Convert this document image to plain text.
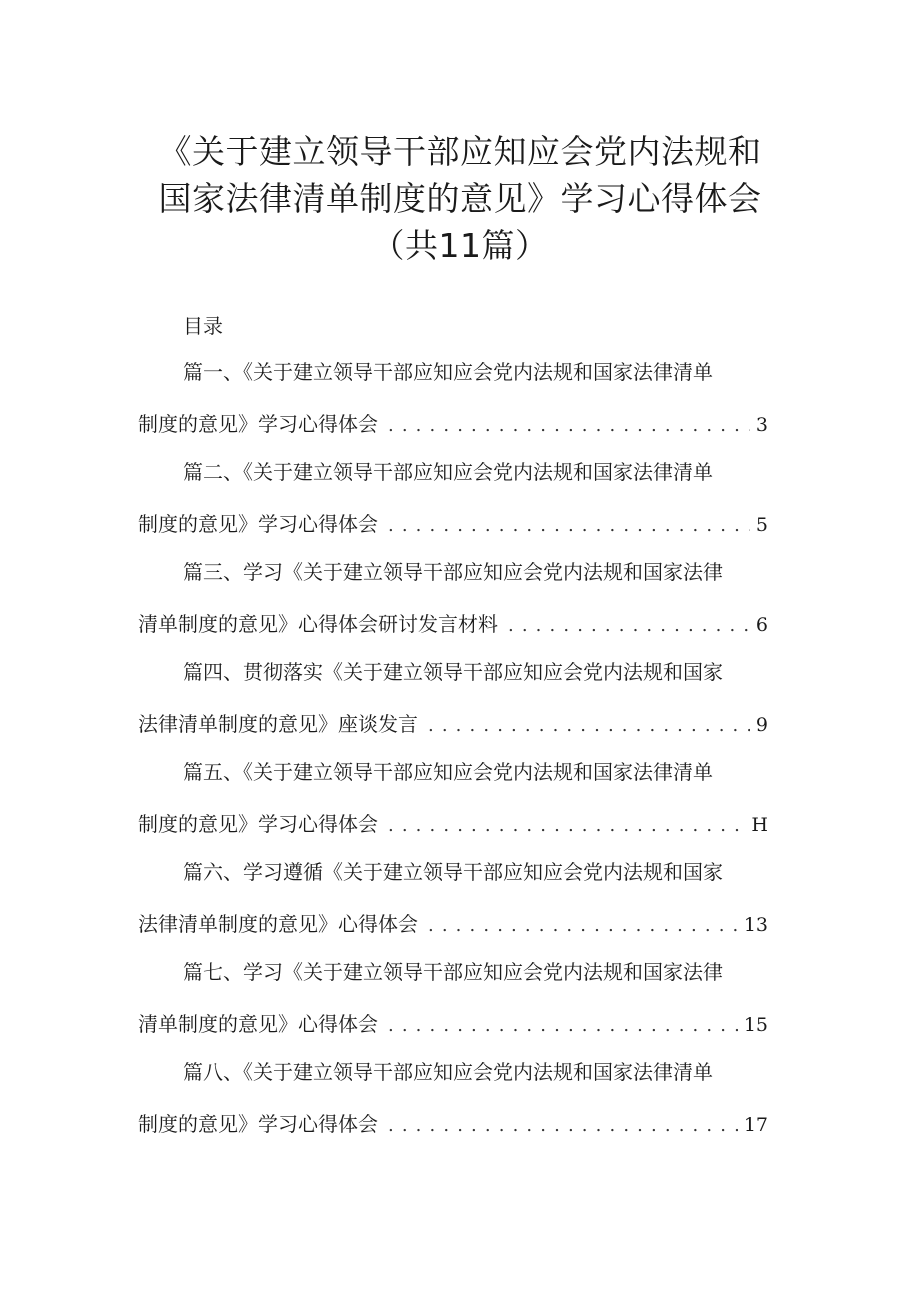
《关于建立领导干部应知应会党内法规和
国家法律清单制度的意见》学习心得体会
（共11篇）
目录
篇一、《关于建立领导干部应知应会党内法规和国家法律清单
制度的意见》学习心得体会 . . .	3
篇二、《关于建立领导干部应知应会党内法规和国家法律清单
制度的意见》学习心得体会 . . .	5
篇三、学习《关于建立领导干部应知应会党内法规和国家法律
清单制度的意见》心得体会研讨发言材料 . . .	6
篇四、贯彻落实《关于建立领导干部应知应会党内法规和国家
法律清单制度的意见》座谈发言 . . .	9
篇五、《关于建立领导干部应知应会党内法规和国家法律清单
制度的意见》学习心得体会 . . .	H
篇六、学习遵循《关于建立领导干部应知应会党内法规和国家
法律清单制度的意见》心得体会 . . .	13
篇七、学习《关于建立领导干部应知应会党内法规和国家法律
清单制度的意见》心得体会 . . .	15
篇八、《关于建立领导干部应知应会党内法规和国家法律清单
制度的意见》学习心得体会 . . .	17
